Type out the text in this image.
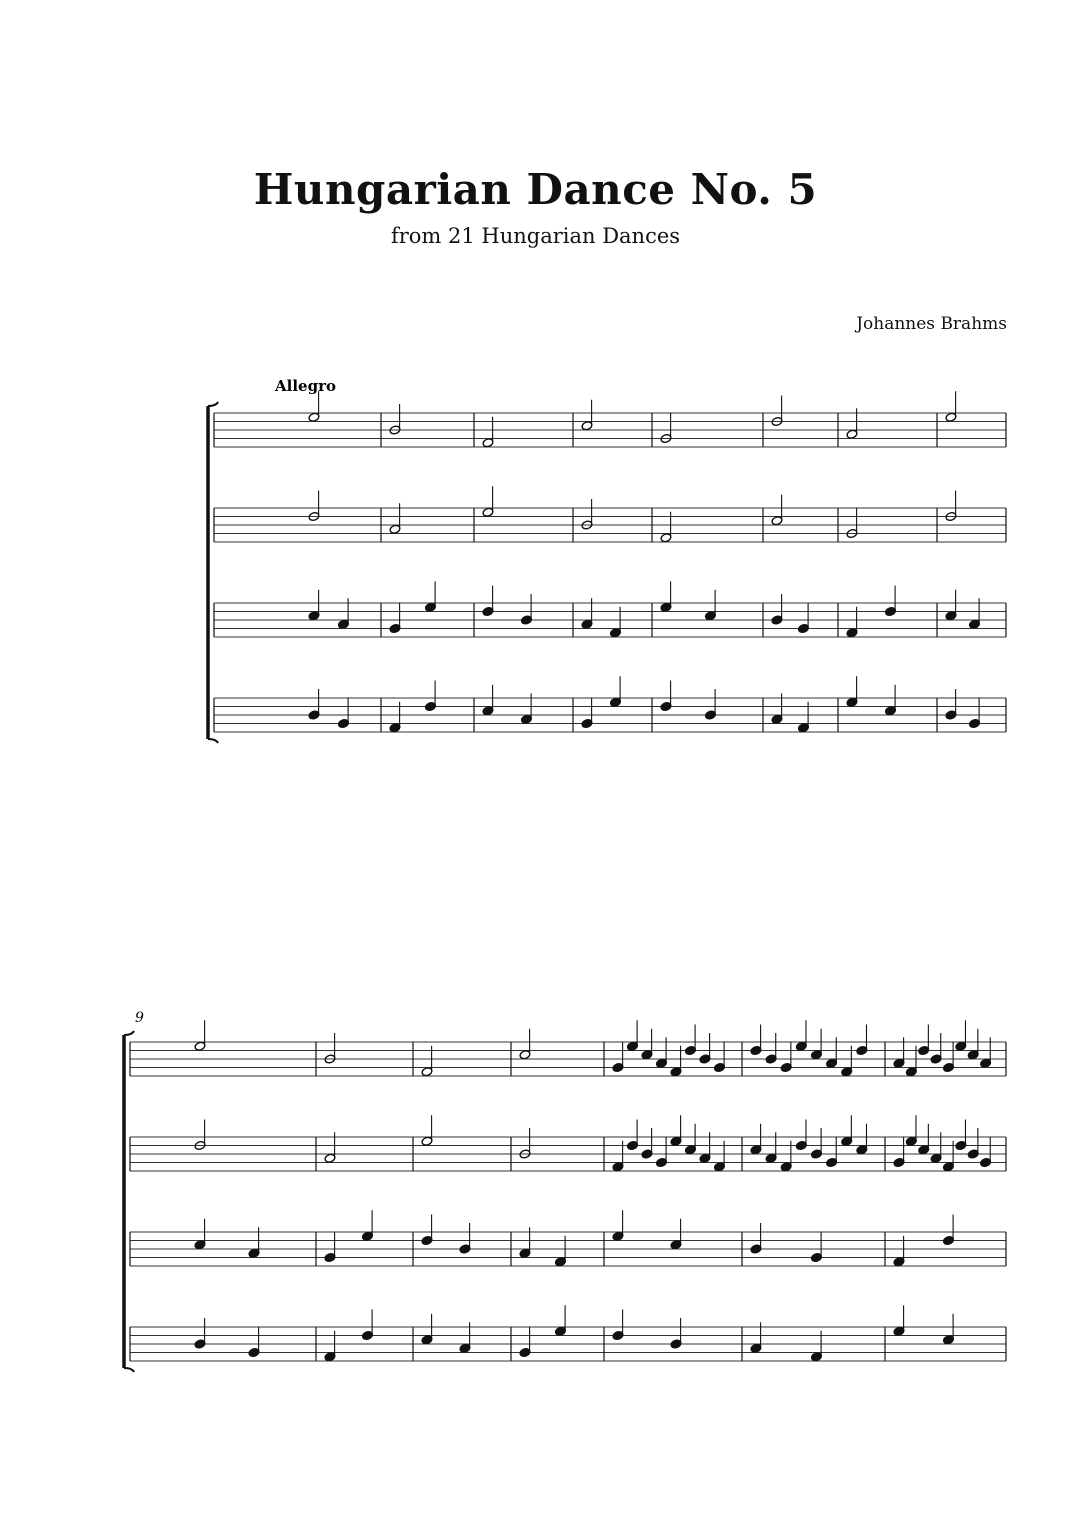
Hungarian Dance No. 5
from 21 Hungarian Dances
Johannes Brahms
Allegro
9
